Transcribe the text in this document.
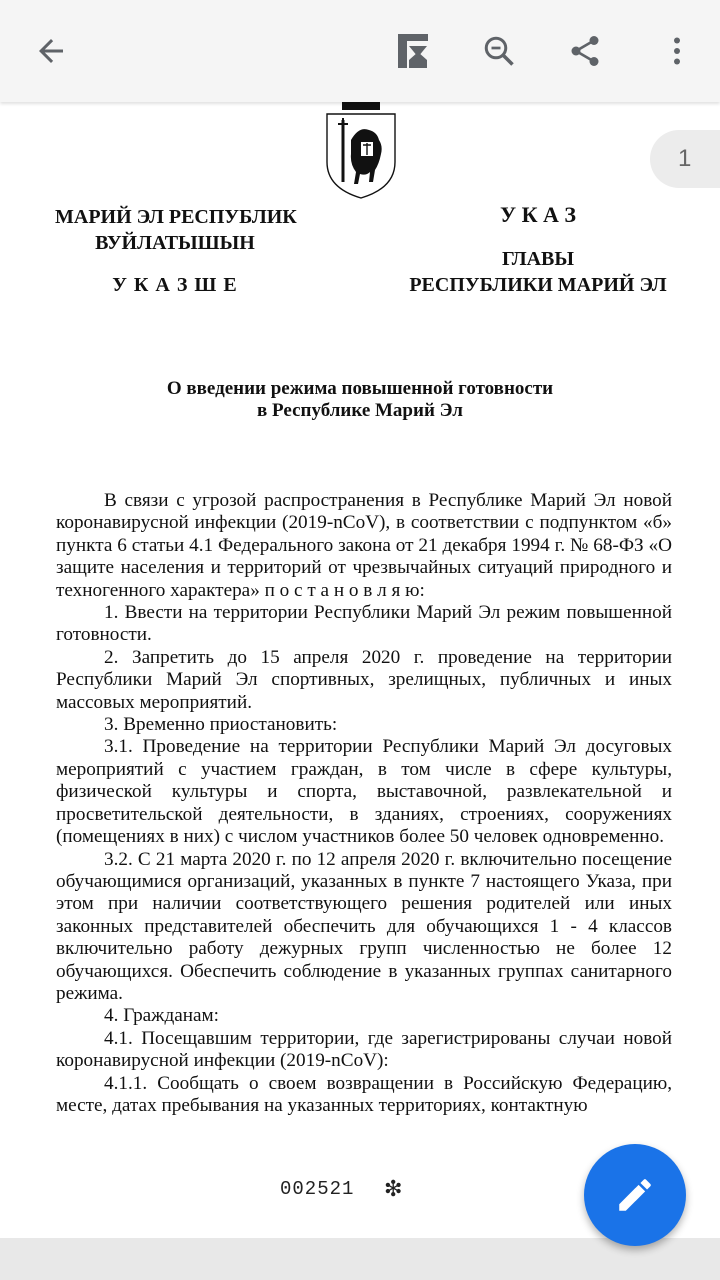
МАРИЙ ЭЛ РЕСПУБЛИК
ВУЙЛАТЫШЫН
У К А З Ш Е
У К А З
ГЛАВЫ
РЕСПУБЛИКИ МАРИЙ ЭЛ
О введении режима повышенной готовности
в Республике Марий Эл

В связи с угрозой распространения в Республике Марий Эл новой коронавирусной инфекции (2019-nCoV), в соответствии с подпунктом «б» пункта 6 статьи 4.1 Федерального закона от 21 декабря 1994 г. № 68-ФЗ «О защите населения и территорий от чрезвычайных ситуаций природного и техногенного характера» п о с т а н о в л я ю:

1. Ввести на территории Республики Марий Эл режим повышенной готовности.

2. Запретить до 15 апреля 2020 г. проведение на территории Республики Марий Эл спортивных, зрелищных, публичных и иных массовых мероприятий.

3. Временно приостановить:

3.1. Проведение на территории Республики Марий Эл досуговых мероприятий с участием граждан, в том числе в сфере культуры, физической культуры и спорта, выставочной, развлекательной и просветительской деятельности, в зданиях, строениях, сооружениях (помещениях в них) с числом участников более 50 человек одновременно.

3.2. С 21 марта 2020 г. по 12 апреля 2020 г. включительно посещение обучающимися организаций, указанных в пункте 7 настоящего Указа, при этом при наличии соответствующего решения родителей или иных законных представителей обеспечить для обучающихся 1 - 4 классов включительно работу дежурных групп численностью не более 12 обучающихся. Обеспечить соблюдение в указанных группах санитарного режима.

4. Гражданам:

4.1. Посещавшим территории, где зарегистрированы случаи новой коронавирусной инфекции (2019-nCoV):

4.1.1. Сообщать о своем возвращении в Российскую Федерацию, месте, датах пребывания на указанных территориях, контактную

002521 ❇
1
